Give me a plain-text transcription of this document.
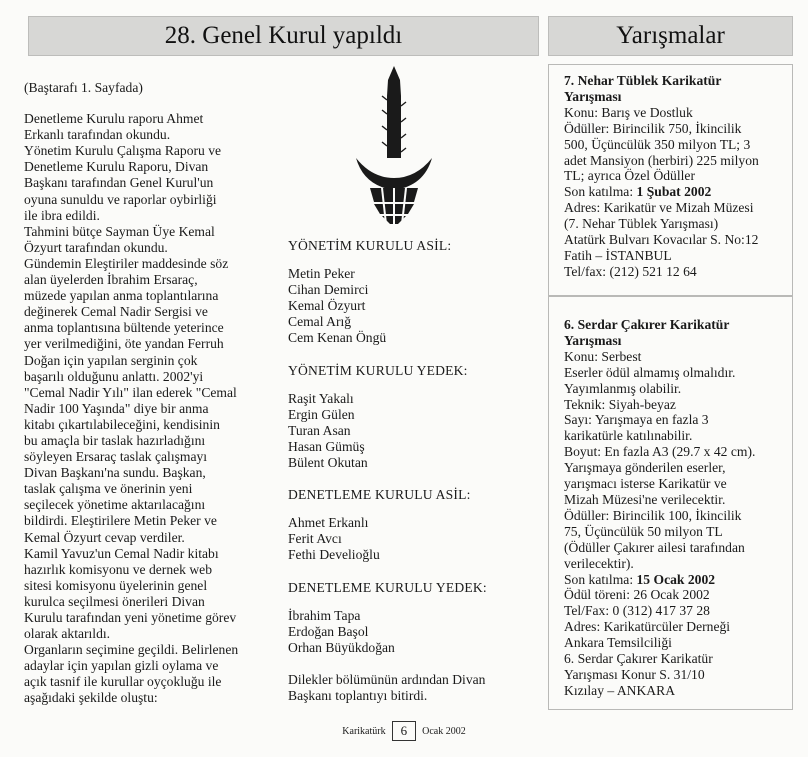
28. Genel Kurul yapıldı	Yarışmalar

(Baştarafı 1. Sayfada)

Denetleme Kurulu raporu Ahmet

Erkanlı tarafından okundu.

Yönetim Kurulu Çalışma Raporu ve

Denetleme Kurulu Raporu, Divan

Başkanı tarafından Genel Kurul'un

oyuna sunuldu ve raporlar oybirliği

ile ibra edildi.

Tahmini bütçe Sayman Üye Kemal

Özyurt tarafından okundu.

Gündemin Eleştiriler maddesinde söz

alan üyelerden İbrahim Ersaraç,

müzede yapılan anma toplantılarına

değinerek Cemal Nadir Sergisi ve

anma toplantısına bültende yeterince

yer verilmediğini, öte yandan Ferruh

Doğan için yapılan serginin çok

başarılı olduğunu anlattı. 2002'yi

"Cemal Nadir Yılı" ilan ederek "Cemal

Nadir 100 Yaşında" diye bir anma

kitabı çıkartılabileceğini, kendisinin

bu amaçla bir taslak hazırladığını

söyleyen Ersaraç taslak çalışmayı

Divan Başkanı'na sundu. Başkan,

taslak çalışma ve önerinin yeni

seçilecek yönetime aktarılacağını

bildirdi. Eleştirilere Metin Peker ve

Kemal Özyurt cevap verdiler.

Kamil Yavuz'un Cemal Nadir kitabı

hazırlık komisyonu ve dernek web

sitesi komisyonu üyelerinin genel

kurulca seçilmesi önerileri Divan

Kurulu tarafından yeni yönetime görev

olarak aktarıldı.

Organların seçimine geçildi. Belirlenen

adaylar için yapılan gizli oylama ve

açık tasnif ile kurullar oyçokluğu ile

aşağıdaki şekilde oluştu:

YÖNETİM KURULU ASİL:

Metin Peker

Cihan Demirci

Kemal Özyurt

Cemal Arığ

Cem Kenan Öngü

YÖNETİM KURULU YEDEK:

Raşit Yakalı

Ergin Gülen

Turan Asan

Hasan Gümüş

Bülent Okutan

DENETLEME KURULU ASİL:

Ahmet Erkanlı

Ferit Avcı

Fethi Develioğlu

DENETLEME KURULU YEDEK:

İbrahim Tapa

Erdoğan Başol

Orhan Büyükdoğan

Dilekler bölümünün ardından Divan

Başkanı toplantıyı bitirdi.

7. Nehar Tüblek Karikatür

Yarışması

Konu: Barış ve Dostluk

Ödüller: Birincilik 750, İkincilik

500, Üçüncülük 350 milyon TL; 3

adet Mansiyon (herbiri) 225 milyon

TL; ayrıca Özel Ödüller

Son katılma: 1 Şubat 2002

Adres: Karikatür ve Mizah Müzesi

(7. Nehar Tüblek Yarışması)

Atatürk Bulvarı Kovacılar S. No:12

Fatih – İSTANBUL

Tel/fax: (212) 521 12 64

6. Serdar Çakırer Karikatür

Yarışması

Konu: Serbest

Eserler ödül almamış olmalıdır.

Yayımlanmış olabilir.

Teknik: Siyah-beyaz

Sayı: Yarışmaya en fazla 3

karikatürle katılınabilir.

Boyut: En fazla A3 (29.7 x 42 cm).

Yarışmaya gönderilen eserler,

yarışmacı isterse Karikatür ve

Mizah Müzesi'ne verilecektir.

Ödüller: Birincilik 100, İkincilik

75, Üçüncülük 50 milyon TL

(Ödüller Çakırer ailesi tarafından

verilecektir).

Son katılma: 15 Ocak 2002

Ödül töreni: 26 Ocak 2002

Tel/Fax: 0 (312) 417 37 28

Adres: Karikatürcüler Derneği

Ankara Temsilciliği

6. Serdar Çakırer Karikatür

Yarışması Konur S. 31/10

Kızılay – ANKARA

Karikatürk	6	Ocak 2002
